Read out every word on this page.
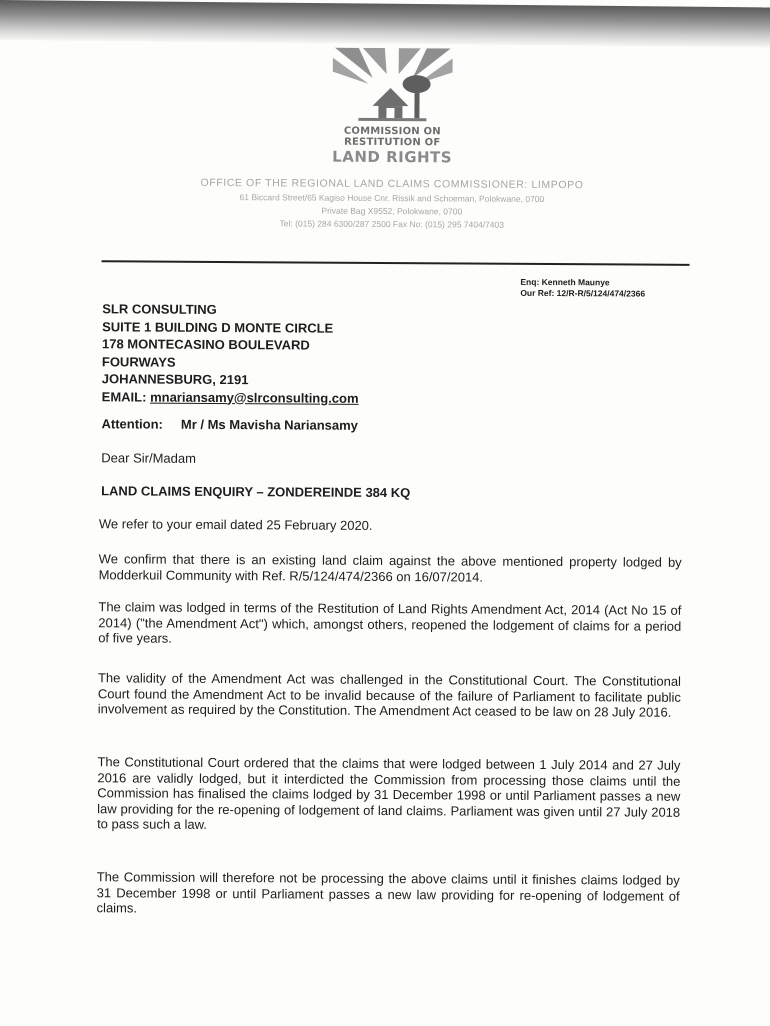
COMMISSION ON RESTITUTION OF
LAND RIGHTS
OFFICE OF THE REGIONAL LAND CLAIMS COMMISSIONER: LIMPOPO
61 Biccard Street/65 Kagiso House Cnr. Rissik and Schoeman, Polokwane, 0700
Private Bag X9552, Polokwane, 0700
Tel: (015) 284 6300/287 2500 Fax No: (015) 295 7404/7403
Enq: Kenneth Maunye
Our Ref: 12/R-R/5/124/474/2366
SLR CONSULTING
SUITE 1 BUILDING D MONTE CIRCLE
178 MONTECASINO BOULEVARD
FOURWAYS
JOHANNESBURG, 2191
EMAIL: mnariansamy@slrconsulting.com
Attention: Mr / Ms Mavisha Nariansamy
Dear Sir/Madam
LAND CLAIMS ENQUIRY – ZONDEREINDE 384 KQ
We refer to your email dated 25 February 2020.
We confirm that there is an existing land claim against the above mentioned property lodged by Modderkuil Community with Ref. R/5/124/474/2366 on 16/07/2014.
The claim was lodged in terms of the Restitution of Land Rights Amendment Act, 2014 (Act No 15 of 2014) ("the Amendment Act") which, amongst others, reopened the lodgement of claims for a period of five years.
The validity of the Amendment Act was challenged in the Constitutional Court. The Constitutional Court found the Amendment Act to be invalid because of the failure of Parliament to facilitate public involvement as required by the Constitution. The Amendment Act ceased to be law on 28 July 2016.
The Constitutional Court ordered that the claims that were lodged between 1 July 2014 and 27 July 2016 are validly lodged, but it interdicted the Commission from processing those claims until the Commission has finalised the claims lodged by 31 December 1998 or until Parliament passes a new law providing for the re-opening of lodgement of land claims. Parliament was given until 27 July 2018 to pass such a law.
The Commission will therefore not be processing the above claims until it finishes claims lodged by 31 December 1998 or until Parliament passes a new law providing for re-opening of lodgement of claims.
